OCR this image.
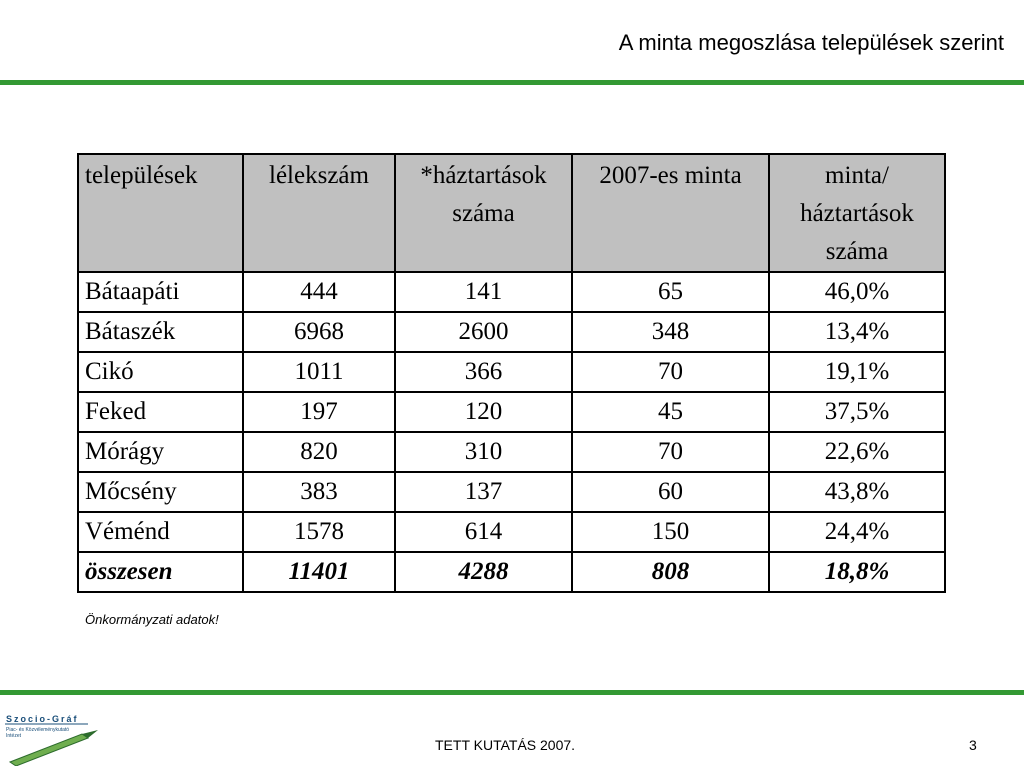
A minta megoszlása települések szerint
települések	lélekszám	*háztartások száma	2007-es minta	minta/ háztartások száma
Bátaapáti	444	141	65	46,0%
Bátaszék	6968	2600	348	13,4%
Cikó	1011	366	70	19,1%
Feked	197	120	45	37,5%
Mórágy	820	310	70	22,6%
Mőcsény	383	137	60	43,8%
Véménd	1578	614	150	24,4%
összesen	11401	4288	808	18,8%
Önkormányzati adatok!
Szocio-Gráf
Piac- és Közvéleménykutató
Intézet
TETT KUTATÁS 2007.	3
